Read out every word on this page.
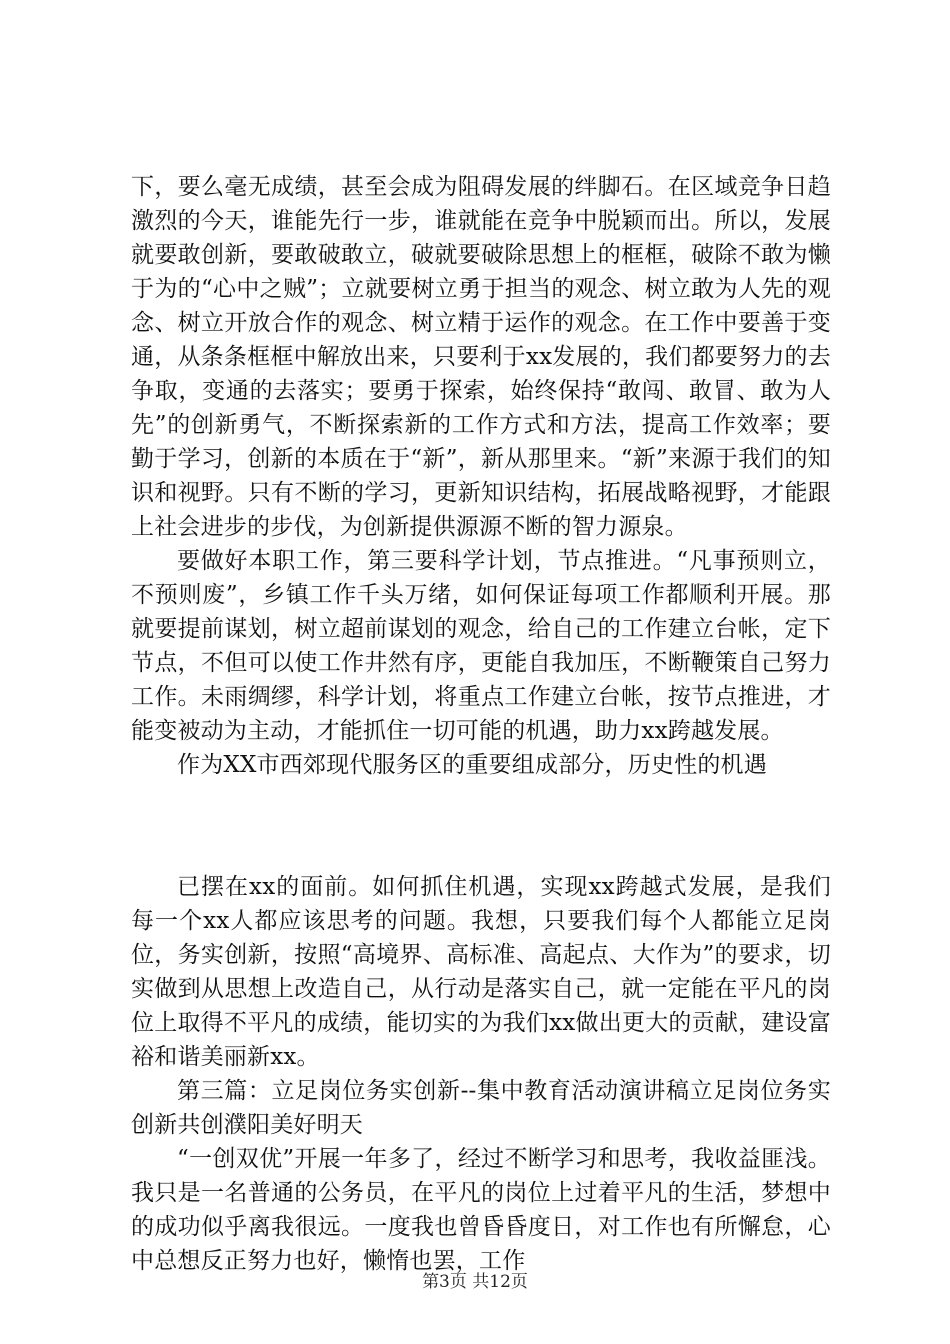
下，要么毫无成绩，甚至会成为阻碍发展的绊脚石。在区域竞争日趋激烈的今天，谁能先行一步，谁就能在竞争中脱颖而出。所以，发展就要敢创新，要敢破敢立，破就要破除思想上的框框，破除不敢为懒于为的“心中之贼”；立就要树立勇于担当的观念、树立敢为人先的观念、树立开放合作的观念、树立精于运作的观念。在工作中要善于变通，从条条框框中解放出来，只要利于xx发展的，我们都要努力的去争取，变通的去落实；要勇于探索，始终保持“敢闯、敢冒、敢为人先”的创新勇气，不断探索新的工作方式和方法，提高工作效率；要勤于学习，创新的本质在于“新”，新从那里来。“新”来源于我们的知识和视野。只有不断的学习，更新知识结构，拓展战略视野，才能跟上社会进步的步伐，为创新提供源源不断的智力源泉。

要做好本职工作，第三要科学计划，节点推进。“凡事预则立，不预则废”，乡镇工作千头万绪，如何保证每项工作都顺利开展。那就要提前谋划，树立超前谋划的观念，给自己的工作建立台帐，定下节点，不但可以使工作井然有序，更能自我加压，不断鞭策自己努力工作。未雨绸缪，科学计划，将重点工作建立台帐，按节点推进，才能变被动为主动，才能抓住一切可能的机遇，助力xx跨越发展。

作为XX市西郊现代服务区的重要组成部分，历史性的机遇

已摆在xx的面前。如何抓住机遇，实现xx跨越式发展，是我们每一个xx人都应该思考的问题。我想，只要我们每个人都能立足岗位，务实创新，按照“高境界、高标准、高起点、大作为”的要求，切实做到从思想上改造自己，从行动是落实自己，就一定能在平凡的岗位上取得不平凡的成绩，能切实的为我们xx做出更大的贡献，建设富裕和谐美丽新xx。

第三篇：立足岗位务实创新--集中教育活动演讲稿立足岗位务实创新共创濮阳美好明天

“一创双优”开展一年多了，经过不断学习和思考，我收益匪浅。我只是一名普通的公务员，在平凡的岗位上过着平凡的生活，梦想中的成功似乎离我很远。一度我也曾昏昏度日，对工作也有所懈怠，心中总想反正努力也好，懒惰也罢，工作

第3页 共12页
